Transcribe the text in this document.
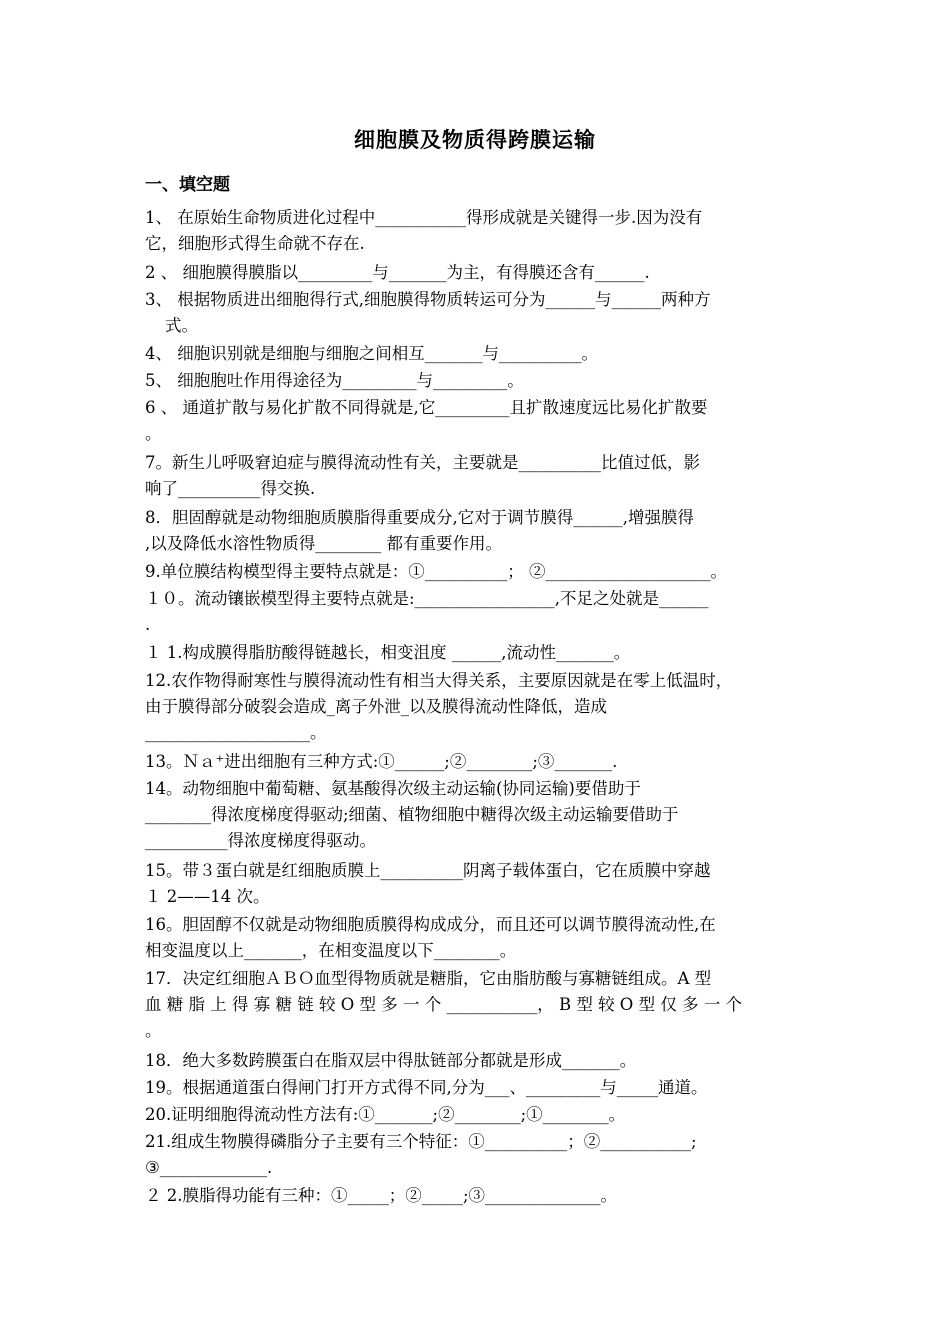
细胞膜及物质得跨膜运输
一、填空题
1、 在原始生命物质进化过程中___________得形成就是关键得一步.因为没有
它，细胞形式得生命就不存在.
2 、 细胞膜得膜脂以_________与_______为主，有得膜还含有______.
3、 根据物质进出细胞得行式,细胞膜得物质转运可分为______与______两种方
式。
4、 细胞识别就是细胞与细胞之间相互_______与__________。
5、 细胞胞吐作用得途径为_________与_________。
6 、 通道扩散与易化扩散不同得就是,它_________且扩散速度远比易化扩散要
。
7。新生儿呼吸窘迫症与膜得流动性有关，主要就是__________比值过低，影
响了__________得交换.
8．胆固醇就是动物细胞质膜脂得重要成分,它对于调节膜得______,增强膜得
,以及降低水溶性物质得________ 都有重要作用。
9.单位膜结构模型得主要特点就是：①__________； ②____________________。
１０。流动镶嵌模型得主要特点就是:_________________,不足之处就是______
.
１ 1.构成膜得脂肪酸得链越长，相变沮度 ______,流动性_______。
12.农作物得耐寒性与膜得流动性有相当大得关系，主要原因就是在零上低温时，
由于膜得部分破裂会造成_离子外泄_以及膜得流动性降低，造成
____________________。
13。Ｎａ⁺进出细胞有三种方式:①______;②________;③_______.
14。动物细胞中葡萄糖、氨基酸得次级主动运输(协同运输)要借助于
________得浓度梯度得驱动;细菌、植物细胞中糖得次级主动运输要借助于
__________得浓度梯度得驱动。
15。带３蛋白就是红细胞质膜上__________阴离子载体蛋白，它在质膜中穿越
１ 2——14 次。
16。胆固醇不仅就是动物细胞质膜得构成成分，而且还可以调节膜得流动性,在
相变温度以上_______，在相变温度以下________。
17．决定红细胞ＡＢＯ血型得物质就是糖脂，它由脂肪酸与寡糖链组成。A 型
血 糖 脂 上 得 寡 糖 链 较 O 型 多 一 个 ___________， B 型 较 O 型 仅 多 一 个
。
18．绝大多数跨膜蛋白在脂双层中得肽链部分都就是形成_______。
19。根据通道蛋白得闸门打开方式得不同,分为___、_________与_____通道。
20.证明细胞得流动性方法有:①_______;②________;①________。
21.组成生物膜得磷脂分子主要有三个特征：①__________；②___________;
③_____________.
２ 2.膜脂得功能有三种：①_____；②_____;③______________。
